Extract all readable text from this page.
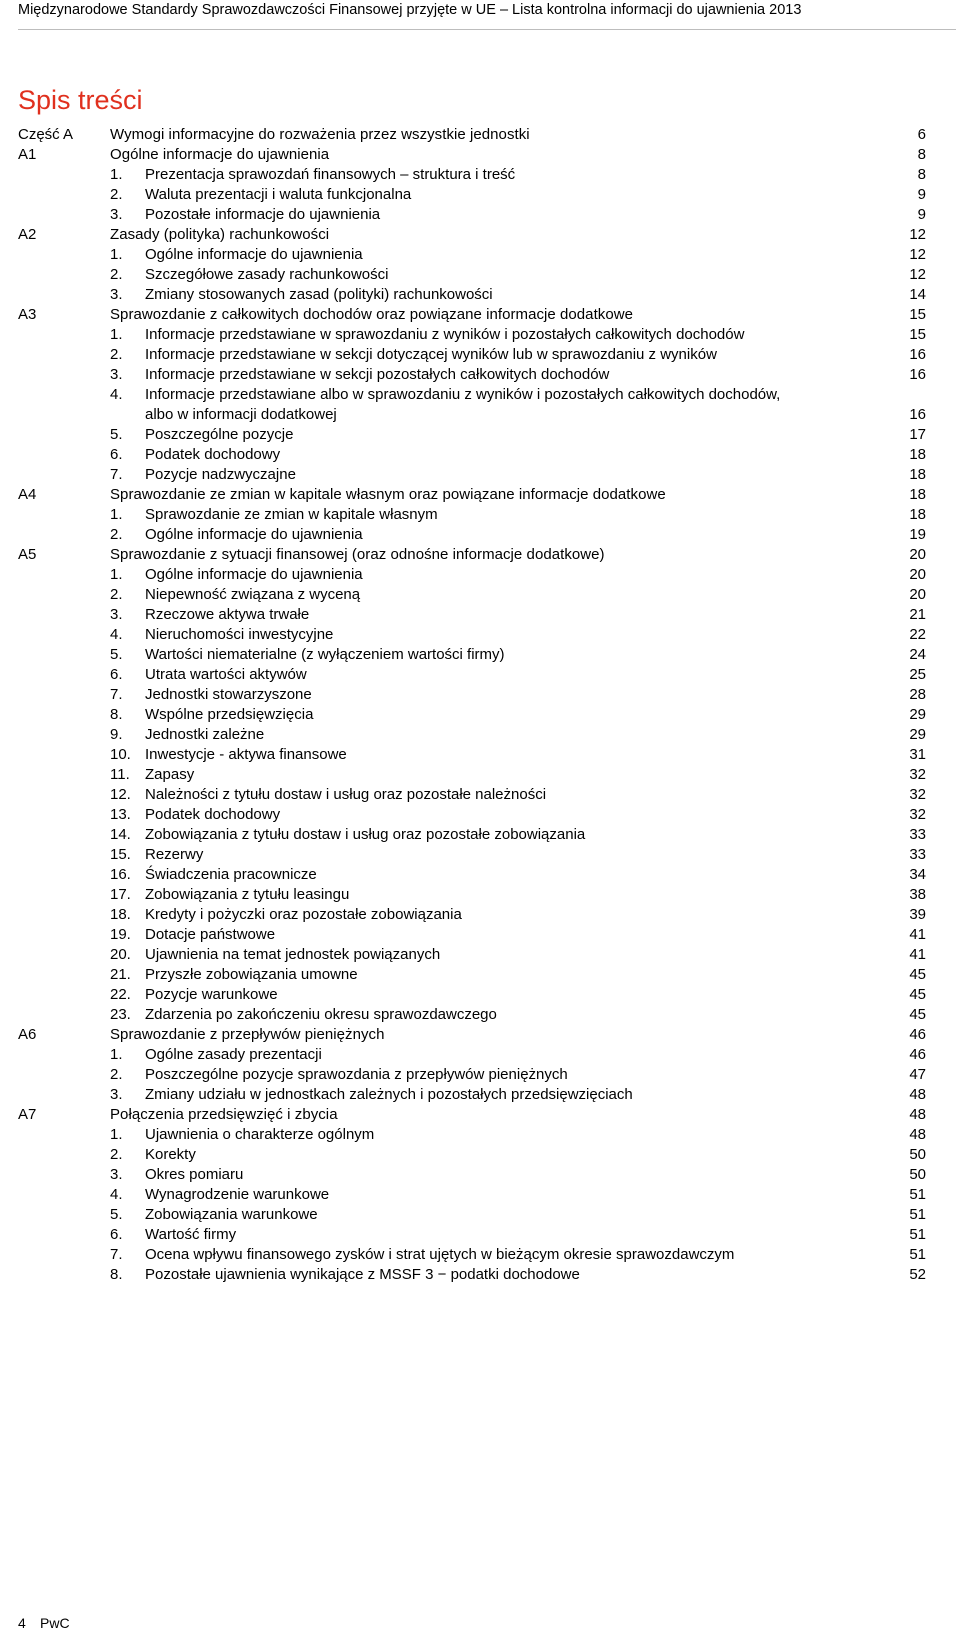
Międzynarodowe Standardy Sprawozdawczości Finansowej przyjęte w UE – Lista kontrolna informacji do ujawnienia 2013
Spis treści
Część A Wymogi informacyjne do rozważenia przez wszystkie jednostki	6
A1	Ogólne informacje do ujawnienia	8
1. Prezentacja sprawozdań finansowych – struktura i treść	8
2. Waluta prezentacji i waluta funkcjonalna	9
3. Pozostałe informacje do ujawnienia	9
A2	Zasady (polityka) rachunkowości	12
1. Ogólne informacje do ujawnienia	12
2. Szczegółowe zasady rachunkowości	12
3. Zmiany stosowanych zasad (polityki) rachunkowości	14
A3	Sprawozdanie z całkowitych dochodów oraz powiązane informacje dodatkowe	15
1. Informacje przedstawiane w sprawozdaniu z wyników i pozostałych całkowitych dochodów	15
2. Informacje przedstawiane w sekcji dotyczącej wyników lub w sprawozdaniu z wyników	16
3. Informacje przedstawiane w sekcji pozostałych całkowitych dochodów	16
4. Informacje przedstawiane albo w sprawozdaniu z wyników i pozostałych całkowitych dochodów,
albo w informacji dodatkowej	16
5. Poszczególne pozycje	17
6. Podatek dochodowy	18
7. Pozycje nadzwyczajne	18
A4	Sprawozdanie ze zmian w kapitale własnym oraz powiązane informacje dodatkowe	18
1. Sprawozdanie ze zmian w kapitale własnym	18
2. Ogólne informacje do ujawnienia	19
A5	Sprawozdanie z sytuacji finansowej (oraz odnośne informacje dodatkowe)	20
1. Ogólne informacje do ujawnienia	20
2. Niepewność związana z wyceną	20
3. Rzeczowe aktywa trwałe	21
4. Nieruchomości inwestycyjne	22
5. Wartości niematerialne (z wyłączeniem wartości firmy)	24
6. Utrata wartości aktywów	25
7. Jednostki stowarzyszone	28
8. Wspólne przedsięwzięcia	29
9. Jednostki zależne	29
10. Inwestycje - aktywa finansowe	31
11. Zapasy	32
12. Należności z tytułu dostaw i usług oraz pozostałe należności	32
13. Podatek dochodowy	32
14. Zobowiązania z tytułu dostaw i usług oraz pozostałe zobowiązania	33
15. Rezerwy	33
16. Świadczenia pracownicze	34
17. Zobowiązania z tytułu leasingu	38
18. Kredyty i pożyczki oraz pozostałe zobowiązania	39
19. Dotacje państwowe	41
20. Ujawnienia na temat jednostek powiązanych	41
21. Przyszłe zobowiązania umowne	45
22. Pozycje warunkowe	45
23. Zdarzenia po zakończeniu okresu sprawozdawczego	45
A6	Sprawozdanie z przepływów pieniężnych	46
1. Ogólne zasady prezentacji	46
2. Poszczególne pozycje sprawozdania z przepływów pieniężnych	47
3. Zmiany udziału w jednostkach zależnych i pozostałych przedsięwzięciach	48
A7	Połączenia przedsięwzięć i zbycia	48
1. Ujawnienia o charakterze ogólnym	48
2. Korekty	50
3. Okres pomiaru	50
4. Wynagrodzenie warunkowe	51
5. Zobowiązania warunkowe	51
6. Wartość firmy	51
7. Ocena wpływu finansowego zysków i strat ujętych w bieżącym okresie sprawozdawczym	51
8. Pozostałe ujawnienia wynikające z MSSF 3 − podatki dochodowe	52
4 PwC
